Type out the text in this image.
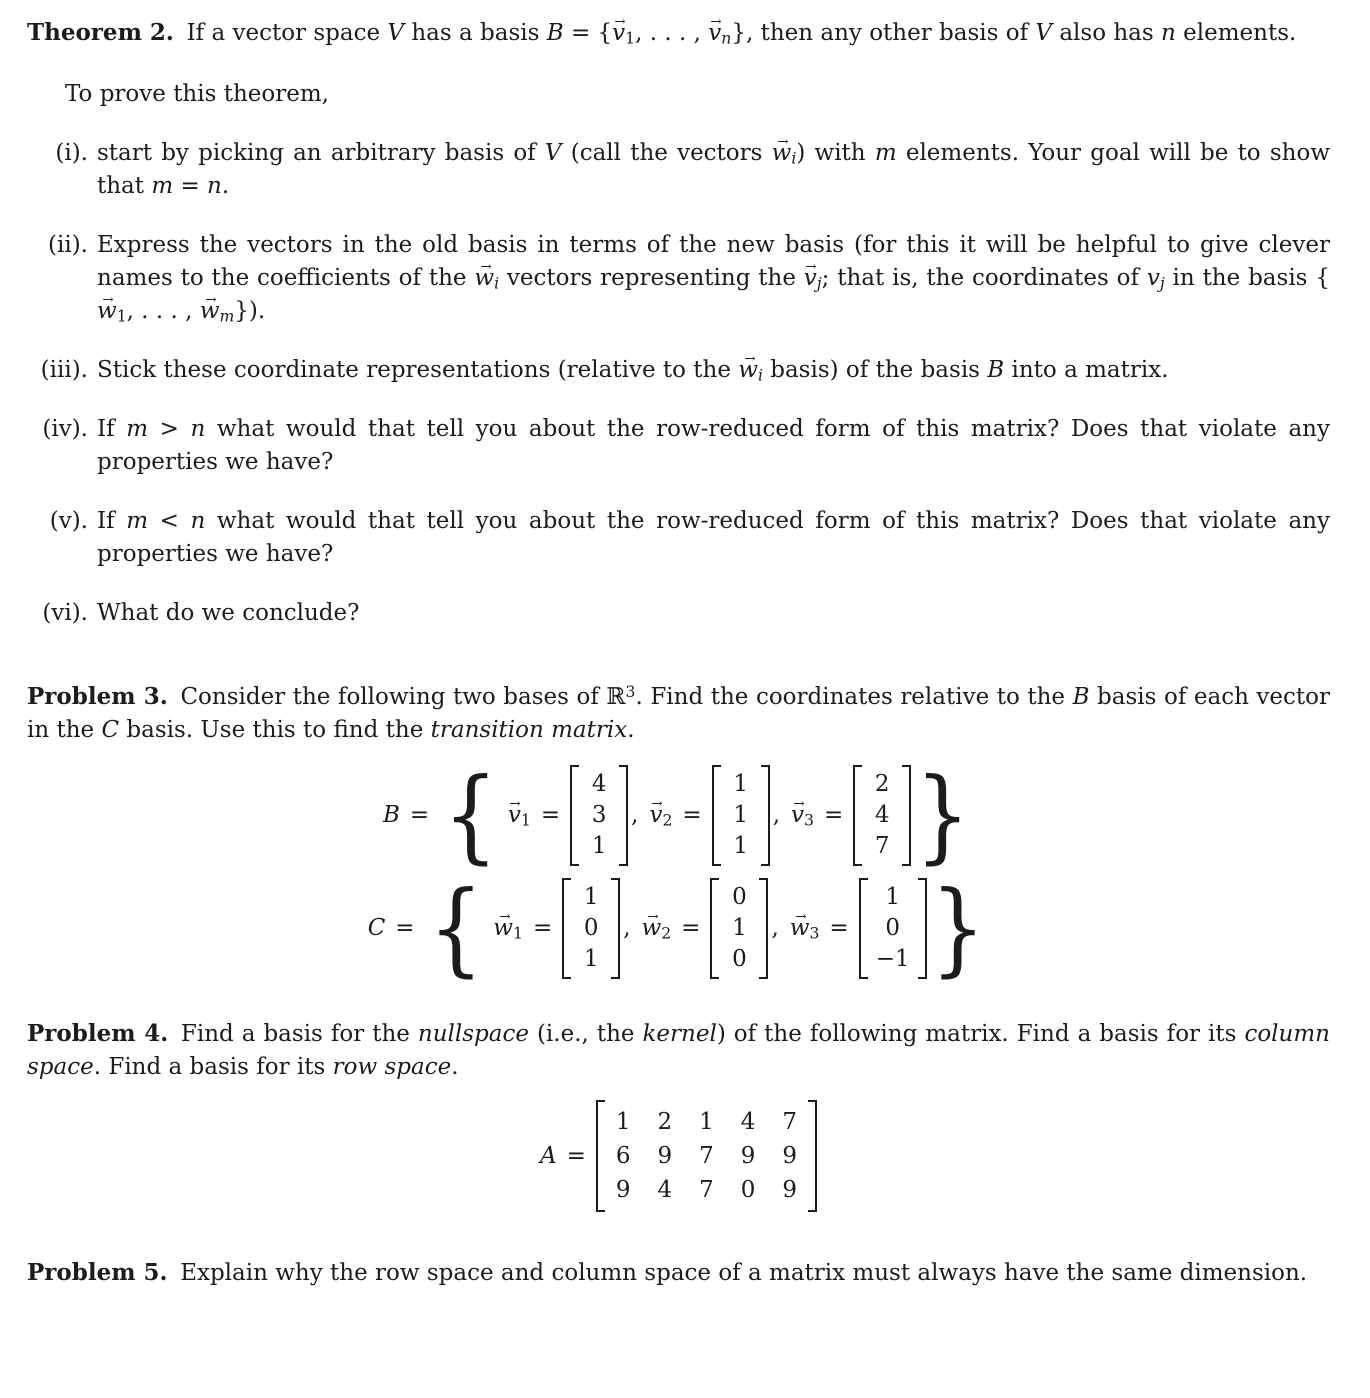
Theorem 2. If a vector space V has a basis B = {→ v1, . . . , → vn}, then any other basis of V also has n elements.

To prove this theorem,

(i). start by picking an arbitrary basis of V (call the vectors → wi) with m elements. Your goal will be to show that m = n.
(ii). Express the vectors in the old basis in terms of the new basis (for this it will be helpful to give clever names to the coefficients of the → wi vectors representing the → vj; that is, the coordinates of vj in the basis {→ w1, . . . , → wm}).
(iii). Stick these coordinate representations (relative to the → wi basis) of the basis B into a matrix.
(iv). If m > n what would that tell you about the row-reduced form of this matrix? Does that violate any properties we have?
(v). If m < n what would that tell you about the row-reduced form of this matrix? Does that violate any properties we have?
(vi). What do we conclude?

Problem 3. Consider the following two bases of ℝ$^3$. Find the coordinates relative to the B basis of each vector in the C basis. Use this to find the transition matrix.

B = { → v1 =
4
3
1
, → v2 =
1
1
1
, → v3 =
2
4
7 }
C = { → w1 =
1
0
1
, → w2 =
0
1
0
, → w3 =
1
0
−1 }

Problem 4. Find a basis for the nullspace (i.e., the kernel) of the following matrix. Find a basis for its column space. Find a basis for its row space.

A =
1 2 1 4 7
6 9 7 9 9
9 4 7 0 9

Problem 5. Explain why the row space and column space of a matrix must always have the same dimension.
